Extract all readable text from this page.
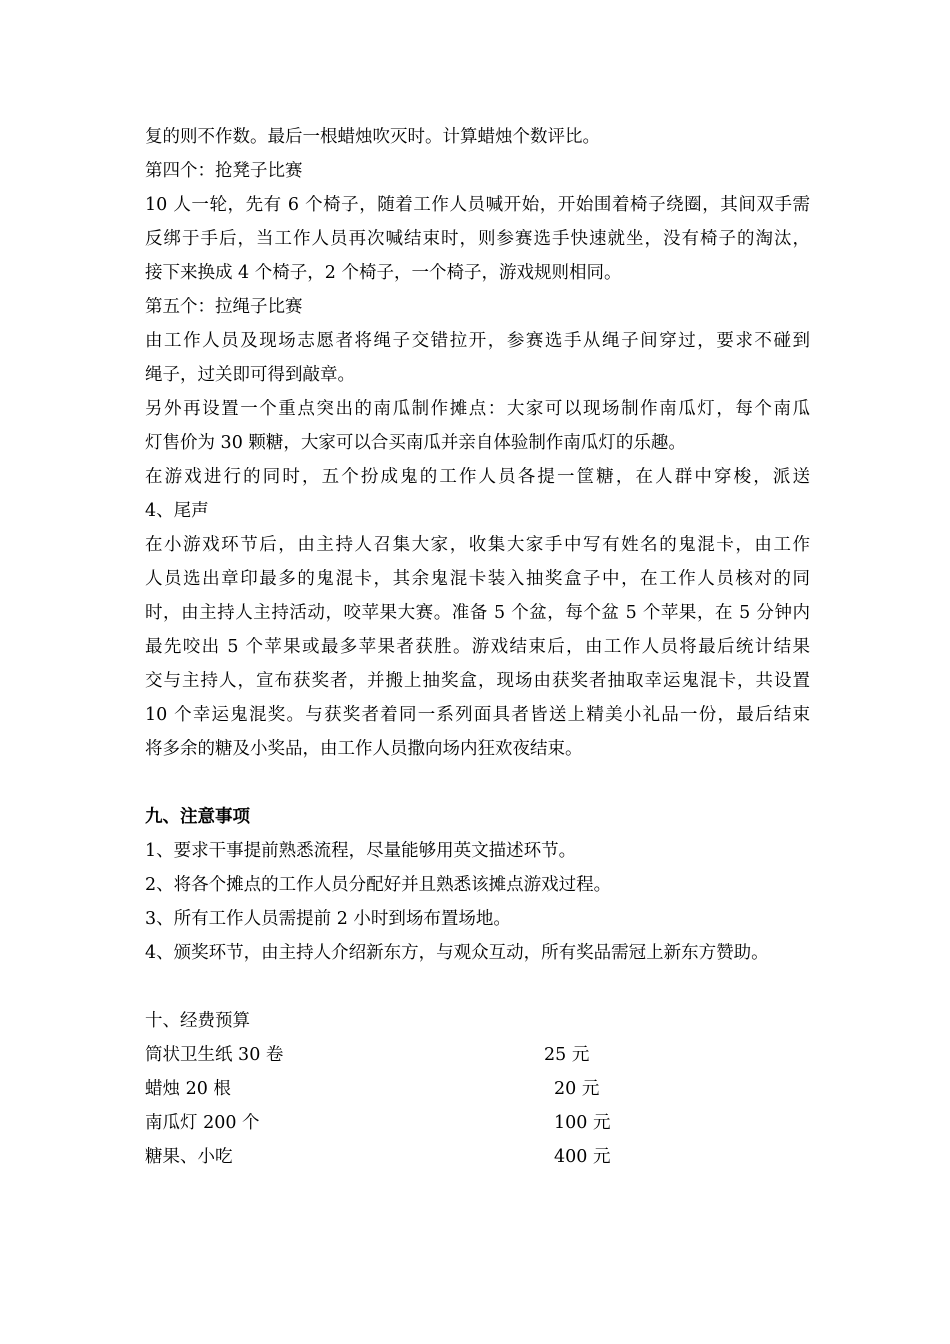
复的则不作数。最后一根蜡烛吹灭时。计算蜡烛个数评比。
第四个：抢凳子比赛
10 人一轮，先有 6 个椅子，随着工作人员喊开始，开始围着椅子绕圈，其间双手需
反绑于手后，当工作人员再次喊结束时，则参赛选手快速就坐，没有椅子的淘汰，
接下来换成 4 个椅子，2 个椅子，一个椅子，游戏规则相同。
第五个：拉绳子比赛
由工作人员及现场志愿者将绳子交错拉开，参赛选手从绳子间穿过，要求不碰到
绳子，过关即可得到敲章。
另外再设置一个重点突出的南瓜制作摊点：大家可以现场制作南瓜灯，每个南瓜
灯售价为 30 颗糖，大家可以合买南瓜并亲自体验制作南瓜灯的乐趣。
在游戏进行的同时，五个扮成鬼的工作人员各提一筐糖，在人群中穿梭，派送
4、尾声
在小游戏环节后，由主持人召集大家，收集大家手中写有姓名的鬼混卡，由工作
人员选出章印最多的鬼混卡，其余鬼混卡装入抽奖盒子中，在工作人员核对的同
时，由主持人主持活动，咬苹果大赛。准备 5 个盆，每个盆 5 个苹果，在 5 分钟内
最先咬出 5 个苹果或最多苹果者获胜。游戏结束后，由工作人员将最后统计结果
交与主持人，宣布获奖者，并搬上抽奖盒，现场由获奖者抽取幸运鬼混卡，共设置
10 个幸运鬼混奖。与获奖者着同一系列面具者皆送上精美小礼品一份，最后结束
将多余的糖及小奖品，由工作人员撒向场内狂欢夜结束。
九、注意事项
1、要求干事提前熟悉流程，尽量能够用英文描述环节。
2、将各个摊点的工作人员分配好并且熟悉该摊点游戏过程。
3、所有工作人员需提前 2 小时到场布置场地。
4、颁奖环节，由主持人介绍新东方，与观众互动，所有奖品需冠上新东方赞助。
十、经费预算
筒状卫生纸 30 卷	25 元
蜡烛 20 根	20 元
南瓜灯 200 个	100 元
糖果、小吃	400 元
